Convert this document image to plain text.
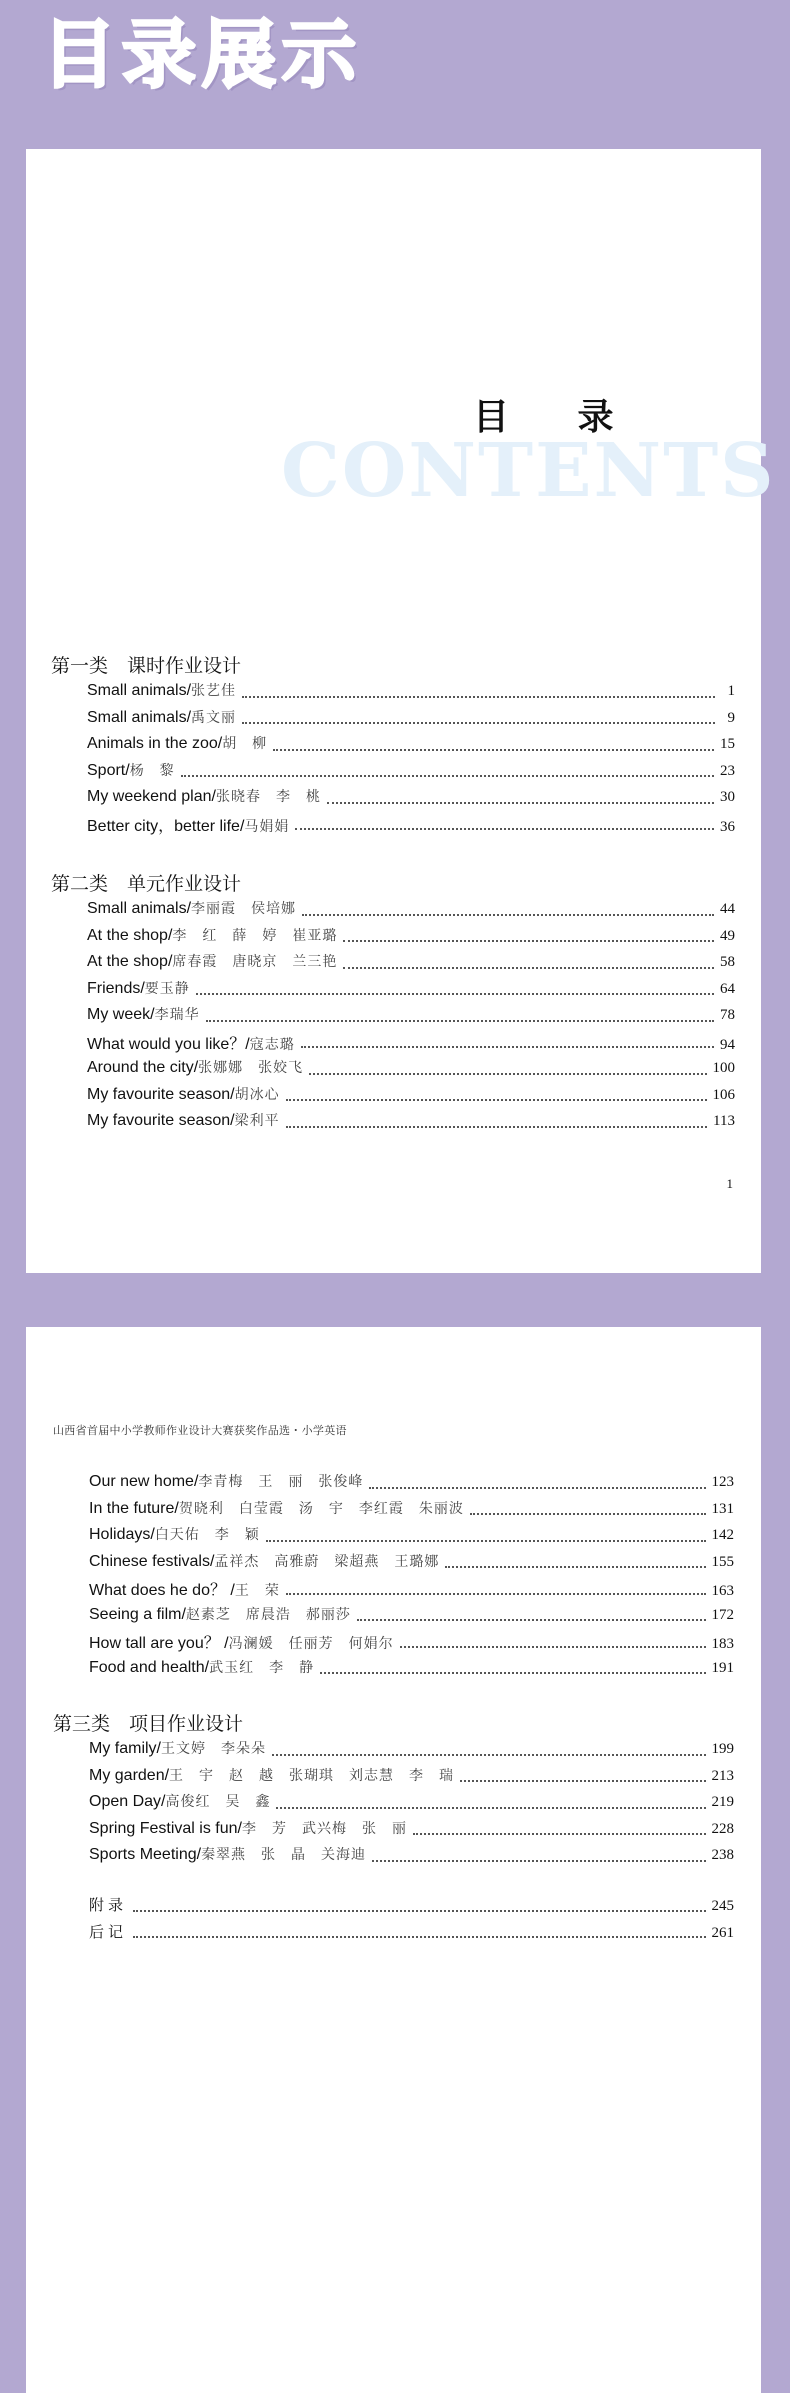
目录展示
CONTENTS
目 录
第一类　课时作业设计
Small animals/张艺佳	1
Small animals/禹文丽	9
Animals in the zoo/胡　柳	15
Sport/杨　黎	23
My weekend plan/张晓春　李　桃	30
Better city，better life/马娟娟	36
第二类　单元作业设计
Small animals/李丽霞　侯培娜	44
At the shop/李　红　薛　婷　崔亚璐	49
At the shop/席春霞　唐晓京　兰三艳	58
Friends/要玉静	64
My week/李瑞华	78
What would you like？/寇志璐	94
Around the city/张娜娜　张姣飞	100
My favourite season/胡冰心	106
My favourite season/梁利平	113
1
山西省首届中小学教师作业设计大赛获奖作品选・小学英语
Our new home/李青梅　王　丽　张俊峰	123
In the future/贺晓利　白莹霞　汤　宇　李红霞　朱丽波	131
Holidays/白天佑　李　颖	142
Chinese festivals/孟祥杰　高雅蔚　梁超燕　王璐娜	155
What does he do？ /王　荣	163
Seeing a film/赵素芝　席晨浩　郝丽莎	172
How tall are you？ /冯澜媛　任丽芳　何娟尔	183
Food and health/武玉红　李　静	191
第三类　项目作业设计
My family/王文婷　李朵朵	199
My garden/王　宇　赵　越　张瑚琪　刘志慧　李　瑞	213
Open Day/高俊红　吴　鑫	219
Spring Festival is fun/李　芳　武兴梅　张　丽	228
Sports Meeting/秦翠燕　张　晶　关海迪	238
附录	245
后记	261
